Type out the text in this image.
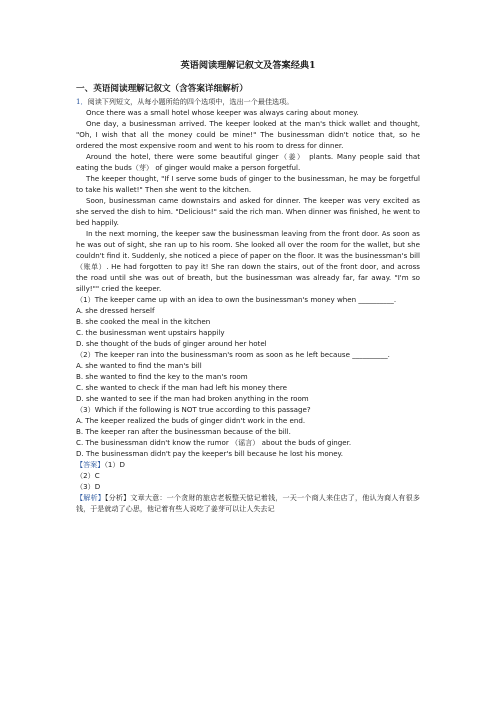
英语阅读理解记叙文及答案经典1
一、英语阅读理解记叙文（含答案详细解析）

1．阅读下列短文，从每小题所给的四个选项中，选出一个最佳选项。

Once there was a small hotel whose keeper was always caring about money.

One day, a businessman arrived. The keeper looked at the man's thick wallet and thought, "Oh, I wish that all the money could be mine!" The businessman didn't notice that, so he ordered the most expensive room and went to his room to dress for dinner.

Around the hotel, there were some beautiful ginger（姜） plants. Many people said that eating the buds（芽） of ginger would make a person forgetful.

The keeper thought, "If I serve some buds of ginger to the businessman, he may be forgetful to take his wallet!" Then she went to the kitchen.

Soon, businessman came downstairs and asked for dinner. The keeper was very excited as she served the dish to him. "Delicious!" said the rich man. When dinner was finished, he went to bed happily.

In the next morning, the keeper saw the businessman leaving from the front door. As soon as he was out of sight, she ran up to his room. She looked all over the room for the wallet, but she couldn't find it. Suddenly, she noticed a piece of paper on the floor. It was the businessman's bill（账单）. He had forgotten to pay it! She ran down the stairs, out of the front door, and across the road until she was out of breath, but the businessman was already far, far away. "I'm so silly!"" cried the keeper.

（1）The keeper came up with an idea to own the businessman's money when __________.

A. she dressed herself

B. she cooked the meal in the kitchen

C. the businessman went upstairs happily

D. she thought of the buds of ginger around her hotel

（2）The keeper ran into the businessman's room as soon as he left because __________.

A. she wanted to find the man's bill

B. she wanted to find the key to the man's room

C. she wanted to check if the man had left his money there

D. she wanted to see if the man had broken anything in the room

（3）Which if the following is NOT true according to this passage?

A. The keeper realized the buds of ginger didn't work in the end.

B. The keeper ran after the businessman because of the bill.

C. The businessman didn't know the rumor （谣言） about the buds of ginger.

D. The businessman didn't pay the keeper's bill because he lost his money.

【答案】（1）D

（2）C

（3）D

【解析】【分析】文章大意：一个贪财的旅店老板整天惦记着钱，一天一个商人来住店了，他认为商人有很多钱，于是就动了心思，他记着有些人说吃了姜芽可以让人失去记
